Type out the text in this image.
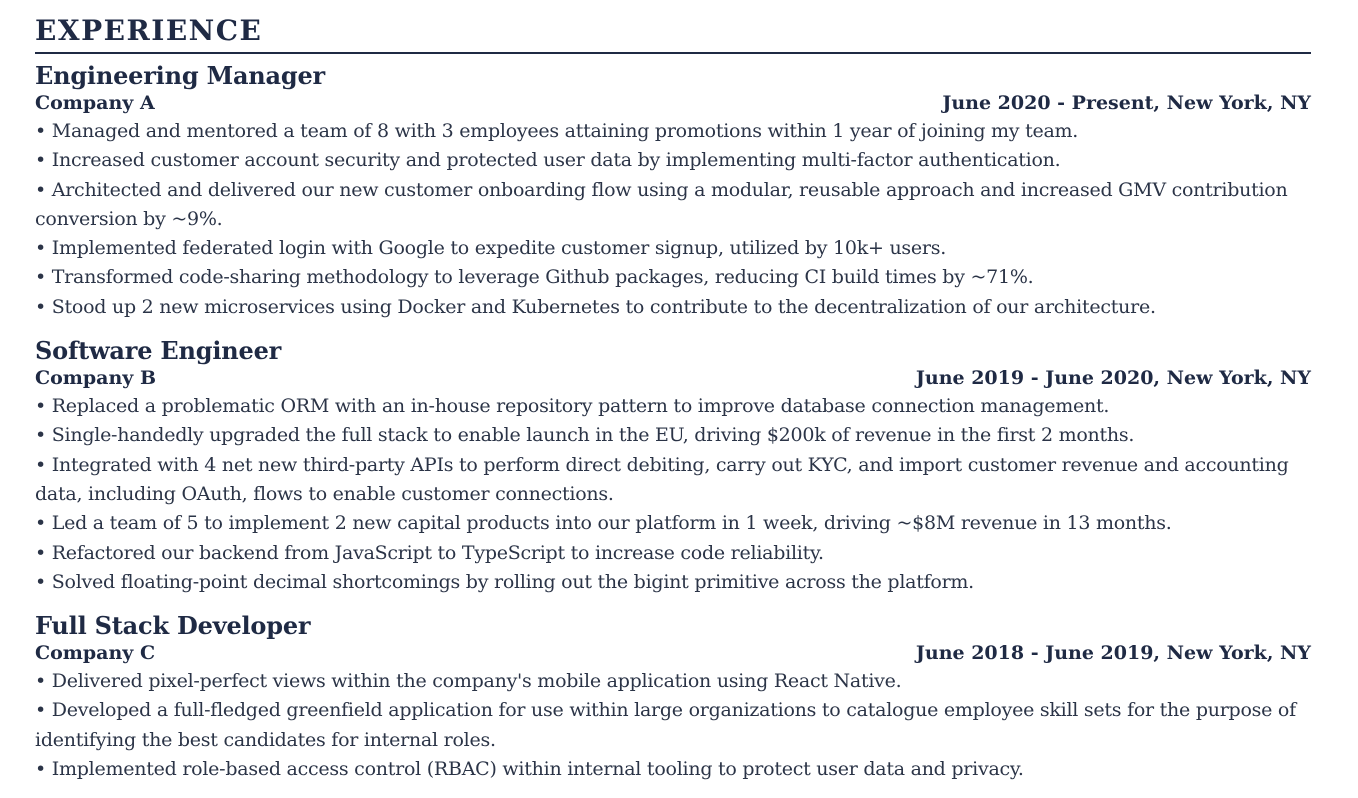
EXPERIENCE
Engineering Manager
Company A	June 2020 - Present, New York, NY
• Managed and mentored a team of 8 with 3 employees attaining promotions within 1 year of joining my team.
• Increased customer account security and protected user data by implementing multi-factor authentication.
• Architected and delivered our new customer onboarding flow using a modular, reusable approach and increased GMV contribution conversion by ~9%.
• Implemented federated login with Google to expedite customer signup, utilized by 10k+ users.
• Transformed code-sharing methodology to leverage Github packages, reducing CI build times by ~71%.
• Stood up 2 new microservices using Docker and Kubernetes to contribute to the decentralization of our architecture.
Software Engineer
Company B	June 2019 - June 2020, New York, NY
• Replaced a problematic ORM with an in-house repository pattern to improve database connection management.
• Single-handedly upgraded the full stack to enable launch in the EU, driving $200k of revenue in the first 2 months.
• Integrated with 4 net new third-party APIs to perform direct debiting, carry out KYC, and import customer revenue and accounting data, including OAuth, flows to enable customer connections.
• Led a team of 5 to implement 2 new capital products into our platform in 1 week, driving ~$8M revenue in 13 months.
• Refactored our backend from JavaScript to TypeScript to increase code reliability.
• Solved floating-point decimal shortcomings by rolling out the bigint primitive across the platform.
Full Stack Developer
Company C	June 2018 - June 2019, New York, NY
• Delivered pixel-perfect views within the company's mobile application using React Native.
• Developed a full-fledged greenfield application for use within large organizations to catalogue employee skill sets for the purpose of identifying the best candidates for internal roles.
• Implemented role-based access control (RBAC) within internal tooling to protect user data and privacy.
